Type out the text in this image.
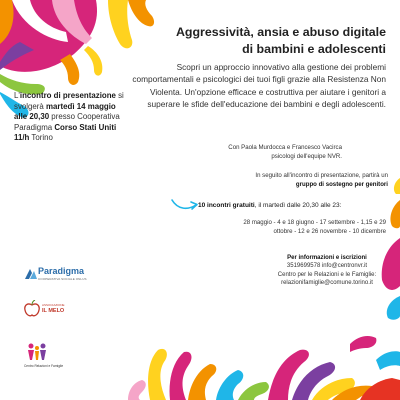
Aggressività, ansia e abuso digitale
di bambini e adolescenti
Scopri un approccio innovativo alla gestione dei problemi comportamentali e psicologici dei tuoi figli grazie alla Resistenza Non Violenta. Un'opzione efficace e costruttiva per aiutare i genitori a superare le sfide dell'educazione dei bambini e degli adolescenti.
Con Paola Murdocca e Francesco Vacirca
psicologi dell'equipe NVR.
In seguito all'incontro di presentazione, partirà un
gruppo di sostegno per genitori
10 incontri gratuiti, il martedì dalle 20,30 alle 23:
28 maggio - 4 e 18 giugno - 17 settembre - 1,15 e 29
ottobre - 12 e 26 novembre - 10 dicembre
L'incontro di presentazione si svolgerà martedì 14 maggio alle 20,30 presso Cooperativa Paradigma Corso Stati Uniti 11/h Torino
Per informazioni e iscrizioni
3519699578 info@centronvr.it
Centro per le Relazioni e le Famiglie:
relazionifamiglie@comune.torino.it
Paradigma
COOPERATIVA SOCIALE ONLUS
ASSOCIAZIONE
IL MELO
Centro Relazioni e Famiglie
